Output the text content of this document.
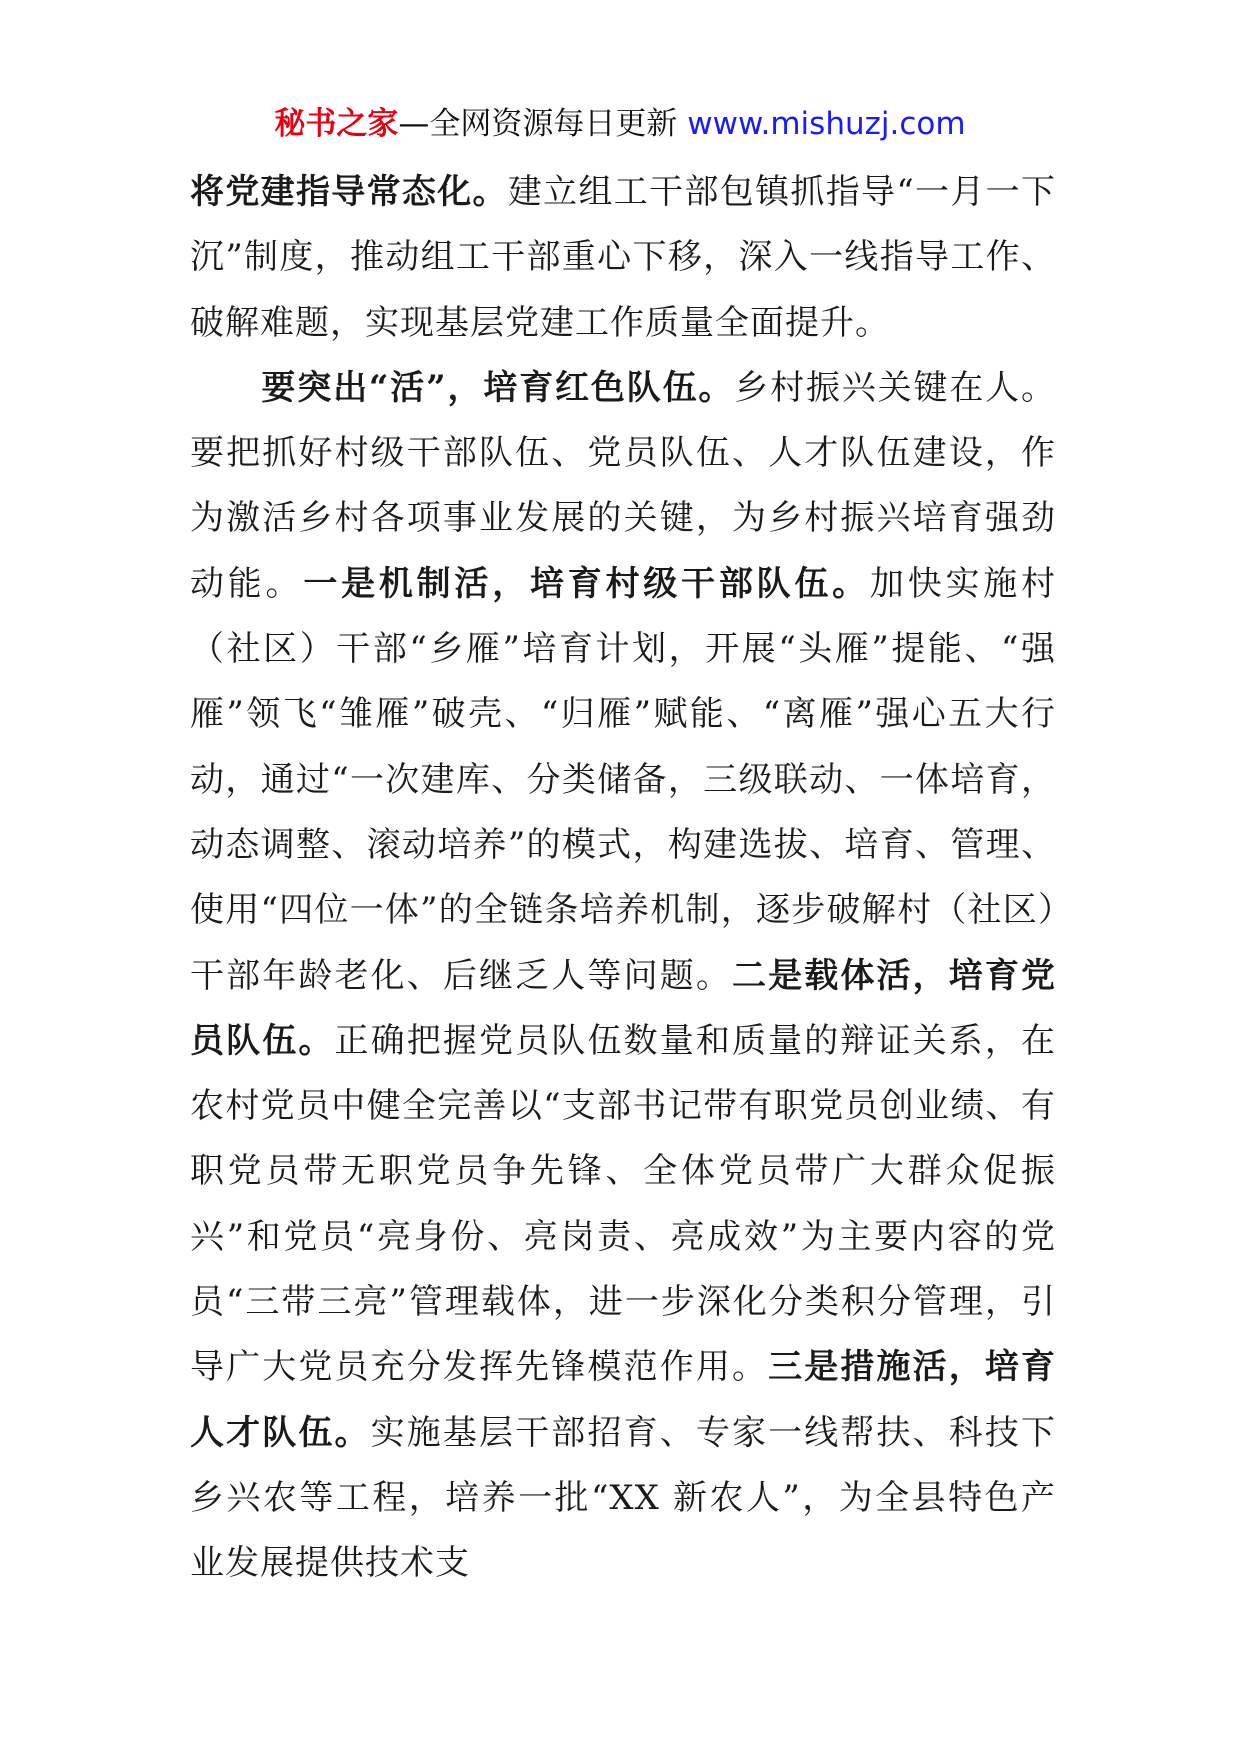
秘书之家—全网资源每日更新 www.mishuzj.com

将党建指导常态化。建立组工干部包镇抓指导“一月一下沉”制度，推动组工干部重心下移，深入一线指导工作、破解难题，实现基层党建工作质量全面提升。

要突出“活”，培育红色队伍。乡村振兴关键在人。要把抓好村级干部队伍、党员队伍、人才队伍建设，作为激活乡村各项事业发展的关键，为乡村振兴培育强劲动能。一是机制活，培育村级干部队伍。加快实施村（社区）干部“乡雁”培育计划，开展“头雁”提能、“强雁”领飞“雏雁”破壳、“归雁”赋能、“离雁”强心五大行动，通过“一次建库、分类储备，三级联动、一体培育，动态调整、滚动培养”的模式，构建选拔、培育、管理、使用“四位一体”的全链条培养机制，逐步破解村（社区）干部年龄老化、后继乏人等问题。二是载体活，培育党员队伍。正确把握党员队伍数量和质量的辩证关系，在农村党员中健全完善以“支部书记带有职党员创业绩、有职党员带无职党员争先锋、全体党员带广大群众促振兴”和党员“亮身份、亮岗责、亮成效”为主要内容的党员“三带三亮”管理载体，进一步深化分类积分管理，引导广大党员充分发挥先锋模范作用。三是措施活，培育人才队伍。实施基层干部招育、专家一线帮扶、科技下乡兴农等工程，培养一批“XX 新农人”，为全县特色产业发展提供技术支
